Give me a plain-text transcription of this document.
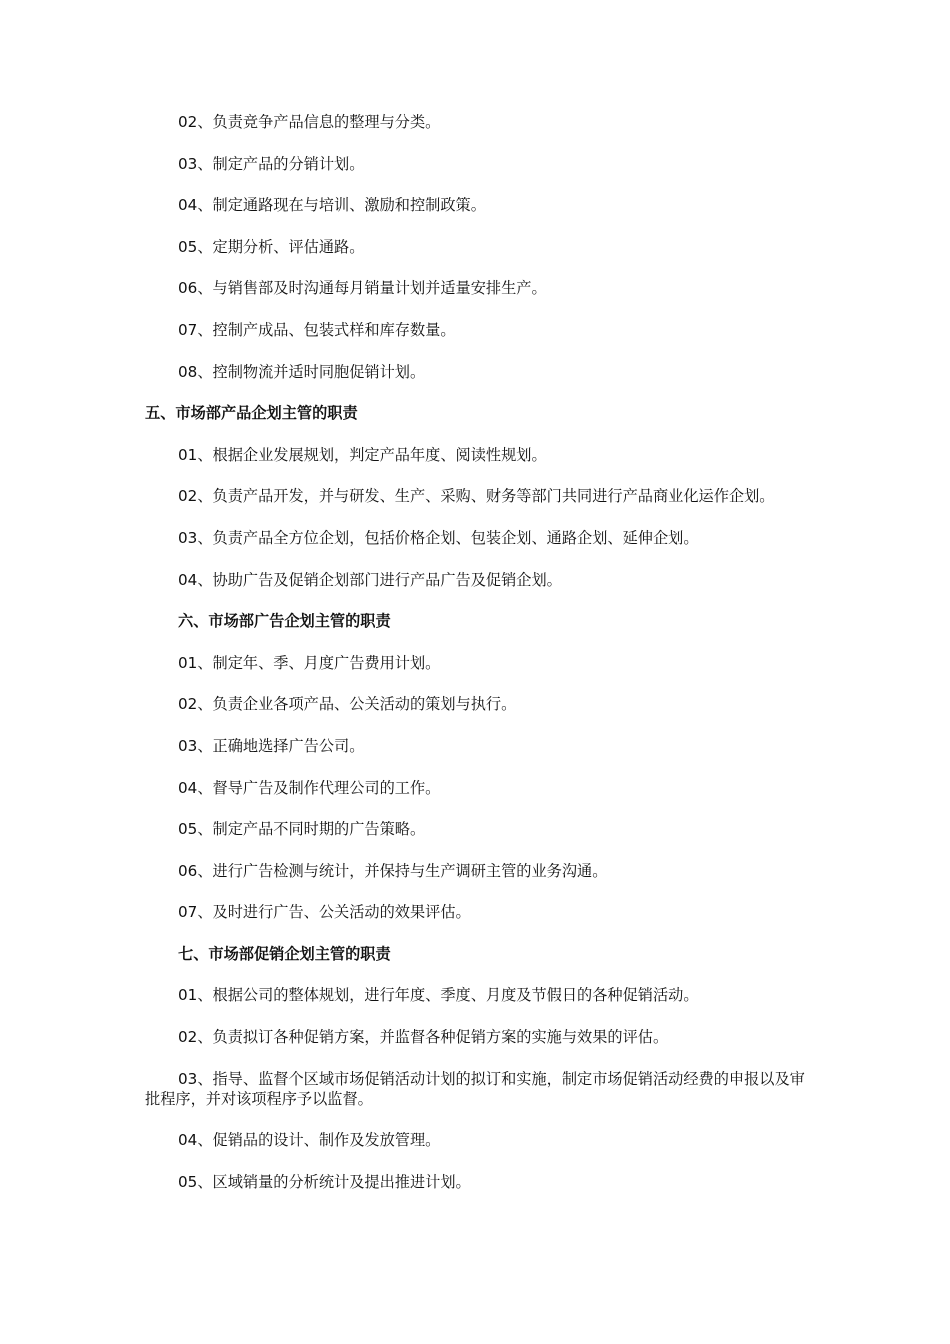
02、负责竞争产品信息的整理与分类。

03、制定产品的分销计划。

04、制定通路现在与培训、激励和控制政策。

05、定期分析、评估通路。

06、与销售部及时沟通每月销量计划并适量安排生产。

07、控制产成品、包装式样和库存数量。

08、控制物流并适时同胞促销计划。

五、市场部产品企划主管的职责

01、根据企业发展规划，判定产品年度、阅读性规划。

02、负责产品开发，并与研发、生产、采购、财务等部门共同进行产品商业化运作企划。

03、负责产品全方位企划，包括价格企划、包装企划、通路企划、延伸企划。

04、协助广告及促销企划部门进行产品广告及促销企划。

六、市场部广告企划主管的职责

01、制定年、季、月度广告费用计划。

02、负责企业各项产品、公关活动的策划与执行。

03、正确地选择广告公司。

04、督导广告及制作代理公司的工作。

05、制定产品不同时期的广告策略。

06、进行广告检测与统计，并保持与生产调研主管的业务沟通。

07、及时进行广告、公关活动的效果评估。

七、市场部促销企划主管的职责

01、根据公司的整体规划，进行年度、季度、月度及节假日的各种促销活动。

02、负责拟订各种促销方案，并监督各种促销方案的实施与效果的评估。

03、指导、监督个区域市场促销活动计划的拟订和实施，制定市场促销活动经费的申报以及审批程序，并对该项程序予以监督。

04、促销品的设计、制作及发放管理。

05、区域销量的分析统计及提出推进计划。
